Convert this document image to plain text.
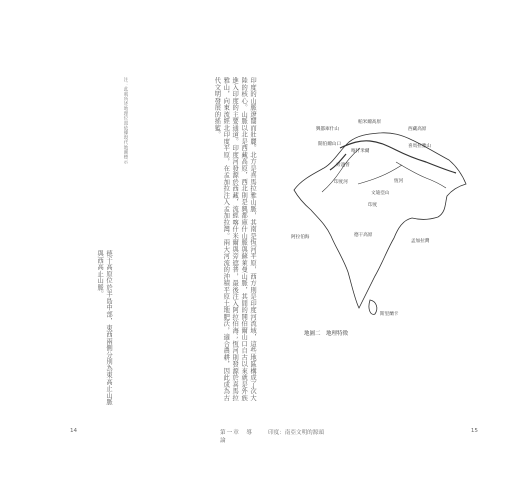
印度的山脈遼闊而壯麗。北方是喜馬拉雅山脈，其南是恆河平原，西方則是印度河流域，這些地區構成了次大陸的核心。山脈以北是西藏高原，西北則是興都庫什山脈與蘇萊曼山脈，其間的開伯爾山口自古以來就是外族進入印度的主要通道。印度河發源於西藏，流經喀什米爾與旁遮普，最後注入阿拉伯海；恆河則發源於喜馬拉雅山，向東流經北印度平原，在孟加拉注入孟加拉灣。兩大河流的沖積平原土地肥沃，適合農耕，因此成為古代文明發展的搖籃。
注：此處所述地理位置依據現代地圖標示
德干高原位於半島中部，東西兩側分別為東高止山脈與西高止山脈。
14	第一章　導論
興都庫什山
帕米爾高原
開伯爾山口
喀什米爾
旁遮普
印度河
喜馬拉雅山
西藏高原
恆河
印度
文迪亞山
德干高原
阿拉伯海
孟加拉灣
斯里蘭卡
地圖二　地理特徵
印度：南亞文明的源頭	15
